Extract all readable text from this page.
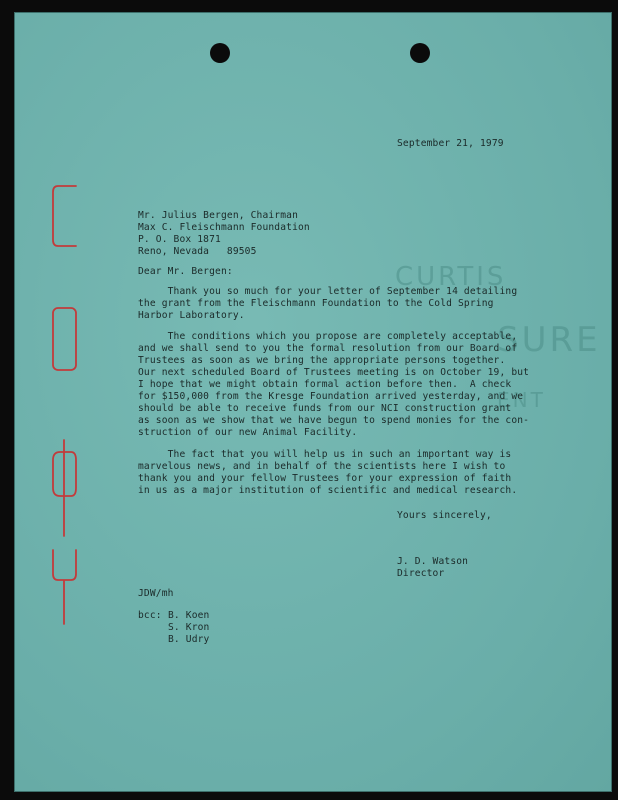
CURTIS
SURE
ENT
September 21, 1979
Mr. Julius Bergen, Chairman
Max C. Fleischmann Foundation
P. O. Box 1871
Reno, Nevada   89505
Dear Mr. Bergen:
Thank you so much for your letter of September 14 detailing
the grant from the Fleischmann Foundation to the Cold Spring
Harbor Laboratory.
The conditions which you propose are completely acceptable,
and we shall send to you the formal resolution from our Board of
Trustees as soon as we bring the appropriate persons together.
Our next scheduled Board of Trustees meeting is on October 19, but
I hope that we might obtain formal action before then.  A check
for $150,000 from the Kresge Foundation arrived yesterday, and we
should be able to receive funds from our NCI construction grant
as soon as we show that we have begun to spend monies for the con-
struction of our new Animal Facility.
The fact that you will help us in such an important way is
marvelous news, and in behalf of the scientists here I wish to
thank you and your fellow Trustees for your expression of faith
in us as a major institution of scientific and medical research.
Yours sincerely,
J. D. Watson
Director
JDW/mh
bcc: B. Koen
S. Kron
B. Udry
